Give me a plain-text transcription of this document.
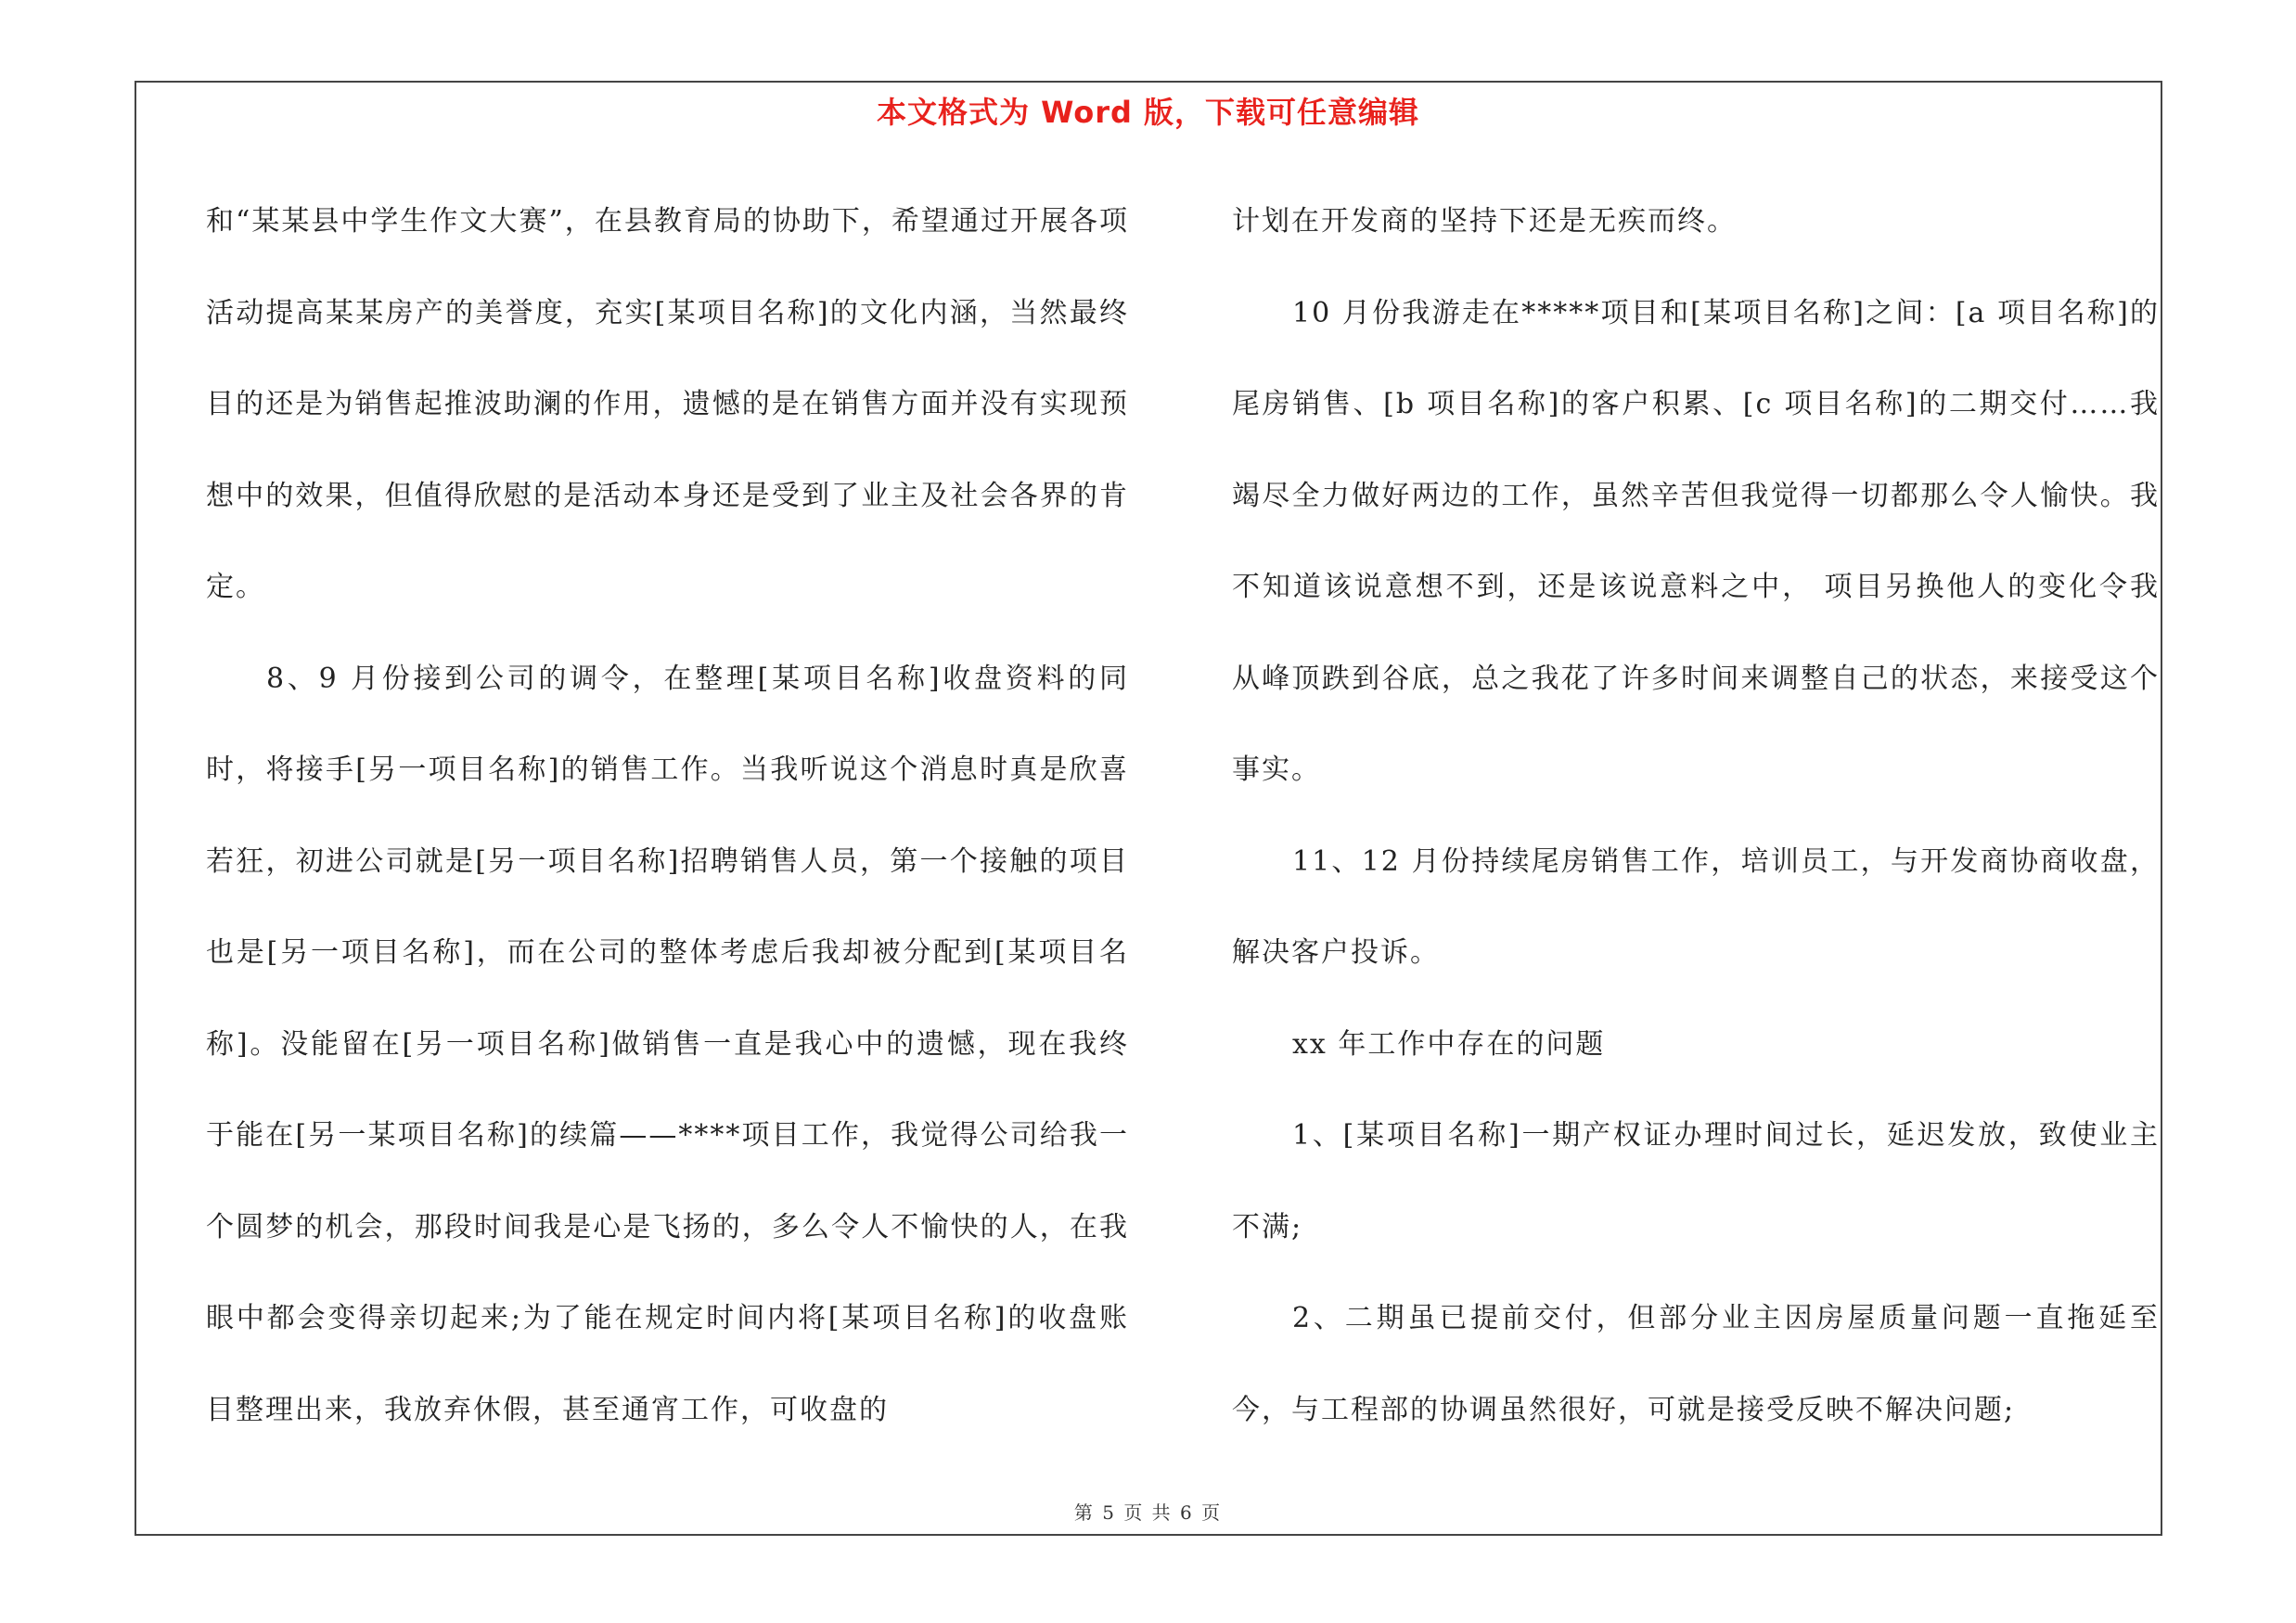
本文格式为 Word 版，下载可任意编辑

和“某某县中学生作文大赛”，在县教育局的协助下，希望通过开展各项活动提高某某房产的美誉度，充实[某项目名称]的文化内涵，当然最终目的还是为销售起推波助澜的作用，遗憾的是在销售方面并没有实现预想中的效果，但值得欣慰的是活动本身还是受到了业主及社会各界的肯定。

8、9 月份接到公司的调令，在整理[某项目名称]收盘资料的同时，将接手[另一项目名称]的销售工作。当我听说这个消息时真是欣喜若狂，初进公司就是[另一项目名称]招聘销售人员，第一个接触的项目也是[另一项目名称]，而在公司的整体考虑后我却被分配到[某项目名称]。没能留在[另一项目名称]做销售一直是我心中的遗憾，现在我终于能在[另一某项目名称]的续篇——****项目工作，我觉得公司给我一个圆梦的机会，那段时间我是心是飞扬的，多么令人不愉快的人，在我眼中都会变得亲切起来;为了能在规定时间内将[某项目名称]的收盘账目整理出来，我放弃休假，甚至通宵工作，可收盘的

计划在开发商的坚持下还是无疾而终。

10 月份我游走在*****项目和[某项目名称]之间：[a 项目名称]的尾房销售、[b 项目名称]的客户积累、[c 项目名称]的二期交付……我竭尽全力做好两边的工作，虽然辛苦但我觉得一切都那么令人愉快。我不知道该说意想不到，还是该说意料之中， 项目另换他人的变化令我从峰顶跌到谷底，总之我花了许多时间来调整自己的状态，来接受这个事实。

11、12 月份持续尾房销售工作，培训员工，与开发商协商收盘，解决客户投诉。

xx 年工作中存在的问题

1、[某项目名称]一期产权证办理时间过长，延迟发放，致使业主不满;

2、二期虽已提前交付，但部分业主因房屋质量问题一直拖延至今，与工程部的协调虽然很好，可就是接受反映不解决问题;

第 5 页 共 6 页
